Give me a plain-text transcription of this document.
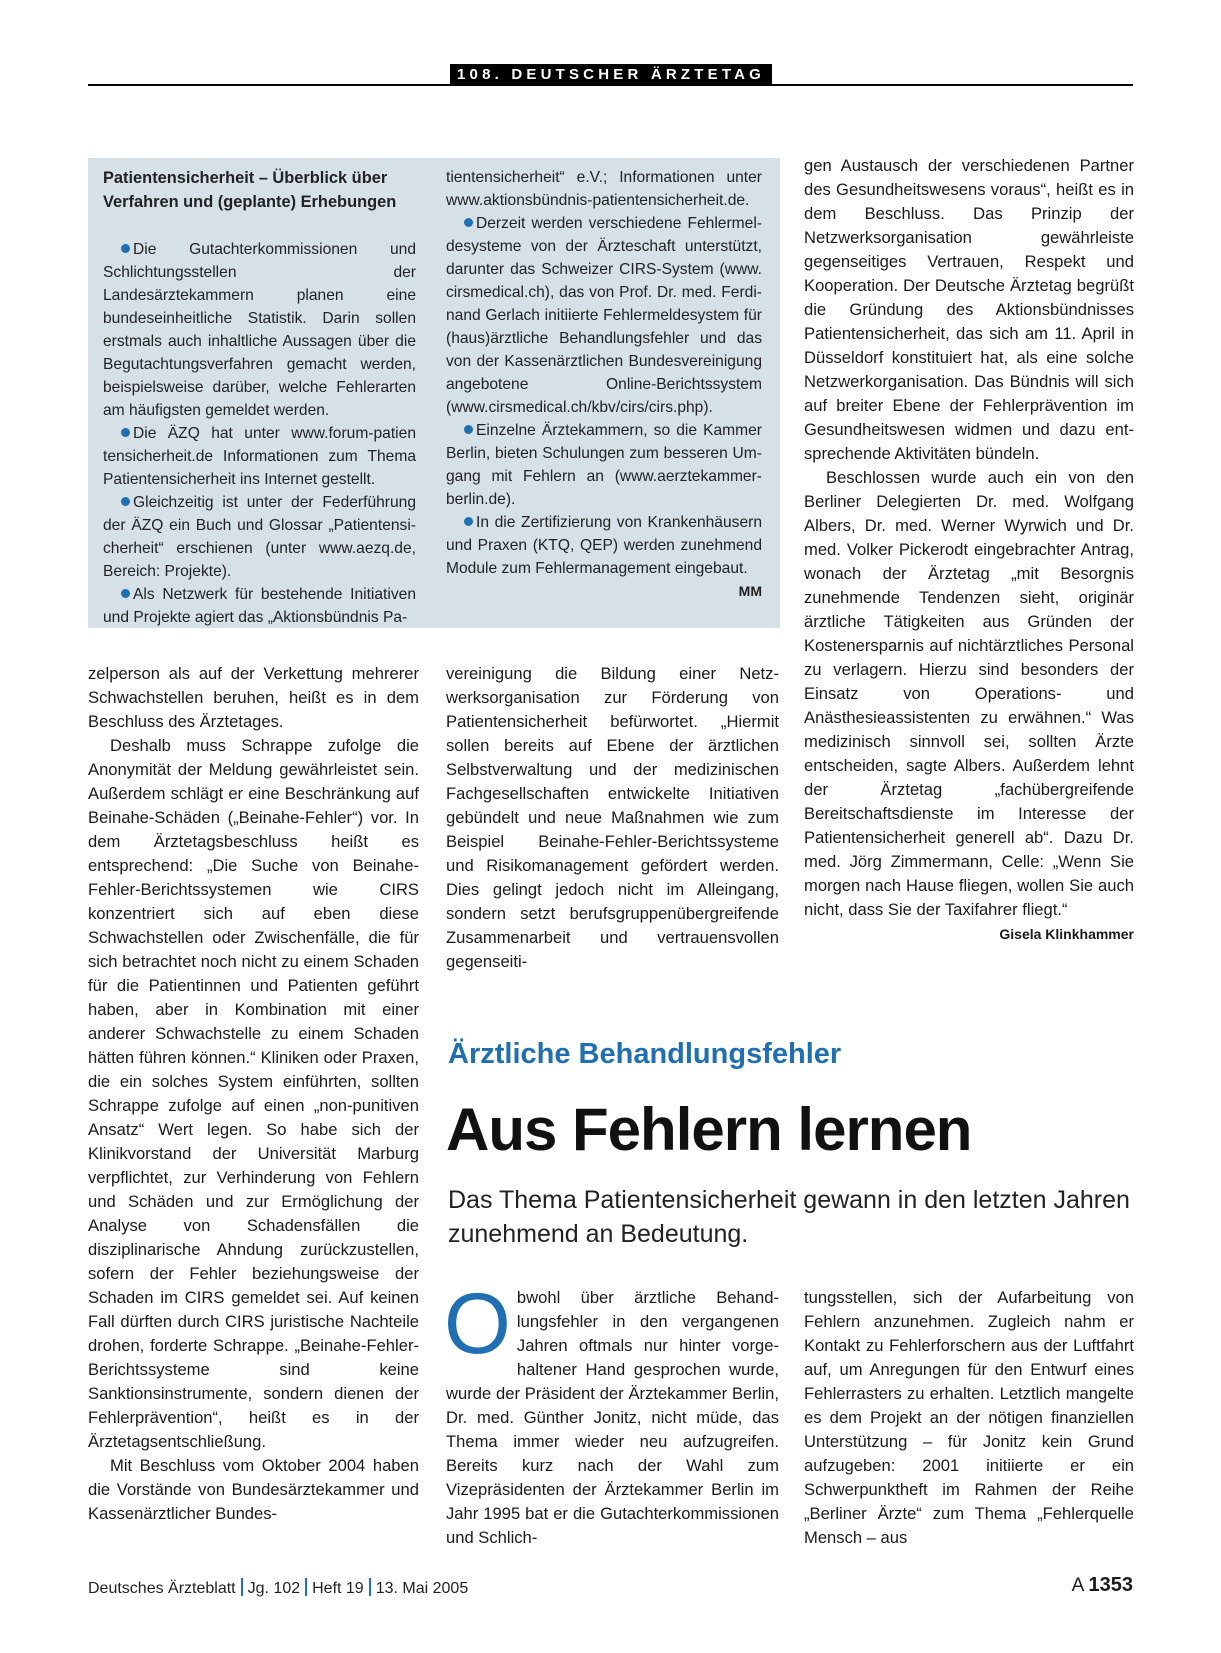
108. DEUTSCHER ÄRZTETAG

Patientensicherheit – Überblick über Verfahren und (geplante) Erhebungen

Die Gutachterkommissionen und Schlichtungsstellen der Landesärztekammern planen eine bundeseinheitliche Statistik. Darin sollen erstmals auch inhaltliche Aussagen über die Begutachtungsverfahren gemacht werden, beispielsweise darüber, welche Fehlerarten am häufigsten gemeldet werden.

Die ÄZQ hat unter www.forum-patien tensicherheit.de Informationen zum Thema Patientensicherheit ins Internet gestellt.

Gleichzeitig ist unter der Federführung der ÄZQ ein Buch und Glossar „Patientensicherheit“ erschienen (unter www.aezq.de, Bereich: Projekte).

Als Netzwerk für bestehende Initiativen und Projekte agiert das „Aktionsbündnis Pa-

tientensicherheit“ e.V.; Informationen unter www.aktionsbündnis-patientensicherheit.de.

Derzeit werden verschiedene Fehlermeldesysteme von der Ärzteschaft unterstützt, darunter das Schweizer CIRS-System (www. cirsmedical.ch), das von Prof. Dr. med. Ferdinand Gerlach initiierte Fehlermeldesystem für (haus)ärztliche Behandlungsfehler und das von der Kassenärztlichen Bundesvereinigung angebotene Online-Berichtssystem (www.cirsmedical.ch/kbv/cirs/cirs.php).

Einzelne Ärztekammern, so die Kammer Berlin, bieten Schulungen zum besseren Umgang mit Fehlern an (www.aerztekammer-berlin.de).

In die Zertifizierung von Krankenhäusern und Praxen (KTQ, QEP) werden zunehmend Module zum Fehlermanagement eingebaut.
MM

zelperson als auf der Verkettung mehrerer Schwachstellen beruhen, heißt es in dem Beschluss des Ärztetages.

Deshalb muss Schrappe zufolge die Anonymität der Meldung gewährleistet sein. Außerdem schlägt er eine Beschränkung auf Beinahe-Schäden („Beinahe-Fehler“) vor. In dem Ärztetagsbeschluss heißt es entsprechend: „Die Suche von Beinahe-Fehler-Berichtssystemen wie CIRS konzentriert sich auf eben diese Schwachstellen oder Zwischenfälle, die für sich betrachtet noch nicht zu einem Schaden für die Patientinnen und Patienten geführt haben, aber in Kombination mit einer anderer Schwachstelle zu einem Schaden hätten führen können.“ Kliniken oder Praxen, die ein solches System einführten, sollten Schrappe zufolge auf einen „non-punitiven Ansatz“ Wert legen. So habe sich der Klinikvorstand der Universität Marburg verpflichtet, zur Verhinderung von Fehlern und Schäden und zur Ermöglichung der Analyse von Schadensfällen die disziplinarische Ahndung zurückzustellen, sofern der Fehler beziehungsweise der Schaden im CIRS gemeldet sei. Auf keinen Fall dürften durch CIRS juristische Nachteile drohen, forderte Schrappe. „Beinahe-Fehler-Berichtssysteme sind keine Sanktionsinstrumente, sondern dienen der Fehlerprävention“, heißt es in der Ärztetagsentschließung.

Mit Beschluss vom Oktober 2004 haben die Vorstände von Bundesärztekammer und Kassenärztlicher Bundes-

vereinigung die Bildung einer Netzwerksorganisation zur Förderung von Patientensicherheit befürwortet. „Hiermit sollen bereits auf Ebene der ärztlichen Selbstverwaltung und der medizinischen Fachgesellschaften entwickelte Initiativen gebündelt und neue Maßnahmen wie zum Beispiel Beinahe-Fehler-Berichtssysteme und Risikomanagement gefördert werden. Dies gelingt jedoch nicht im Alleingang, sondern setzt berufsgruppenübergreifende Zusammenarbeit und vertrauensvollen gegenseiti-

gen Austausch der verschiedenen Partner des Gesundheitswesens voraus“, heißt es in dem Beschluss. Das Prinzip der Netzwerksorganisation gewährleiste gegenseitiges Vertrauen, Respekt und Kooperation. Der Deutsche Ärztetag begrüßt die Gründung des Aktionsbündnisses Patientensicherheit, das sich am 11. April in Düsseldorf konstituiert hat, als eine solche Netzwerkorganisation. Das Bündnis will sich auf breiter Ebene der Fehlerprävention im Gesundheitswesen widmen und dazu entsprechende Aktivitäten bündeln.

Beschlossen wurde auch ein von den Berliner Delegierten Dr. med. Wolfgang Albers, Dr. med. Werner Wyrwich und Dr. med. Volker Pickerodt eingebrachter Antrag, wonach der Ärztetag „mit Besorgnis zunehmende Tendenzen sieht, originär ärztliche Tätigkeiten aus Gründen der Kostenersparnis auf nichtärztliches Personal zu verlagern. Hierzu sind besonders der Einsatz von Operations- und Anästhesieassistenten zu erwähnen.“ Was medizinisch sinnvoll sei, sollten Ärzte entscheiden, sagte Albers. Außerdem lehnt der Ärztetag „fachübergreifende Bereitschaftsdienste im Interesse der Patientensicherheit generell ab“. Dazu Dr. med. Jörg Zimmermann, Celle: „Wenn Sie morgen nach Hause fliegen, wollen Sie auch nicht, dass Sie der Taxifahrer fliegt.“
Gisela Klinkhammer

Ärztliche Behandlungsfehler
Aus Fehlern lernen
Das Thema Patientensicherheit gewann in den letzten Jahren zunehmend an Bedeutung.

Obwohl über ärztliche Behandlungsfehler in den vergangenen Jahren oftmals nur hinter vorgehaltener Hand gesprochen wurde, wurde der Präsident der Ärztekammer Berlin, Dr. med. Günther Jonitz, nicht müde, das Thema immer wieder neu aufzugreifen. Bereits kurz nach der Wahl zum Vizepräsidenten der Ärztekammer Berlin im Jahr 1995 bat er die Gutachterkommissionen und Schlich-

tungsstellen, sich der Aufarbeitung von Fehlern anzunehmen. Zugleich nahm er Kontakt zu Fehlerforschern aus der Luftfahrt auf, um Anregungen für den Entwurf eines Fehlerrasters zu erhalten. Letztlich mangelte es dem Projekt an der nötigen finanziellen Unterstützung – für Jonitz kein Grund aufzugeben: 2001 initiierte er ein Schwerpunktheft im Rahmen der Reihe „Berliner Ärzte“ zum Thema „Fehlerquelle Mensch – aus

Deutsches Ärzteblatt Jg. 102 Heft 19 13. Mai 2005	A 1353
